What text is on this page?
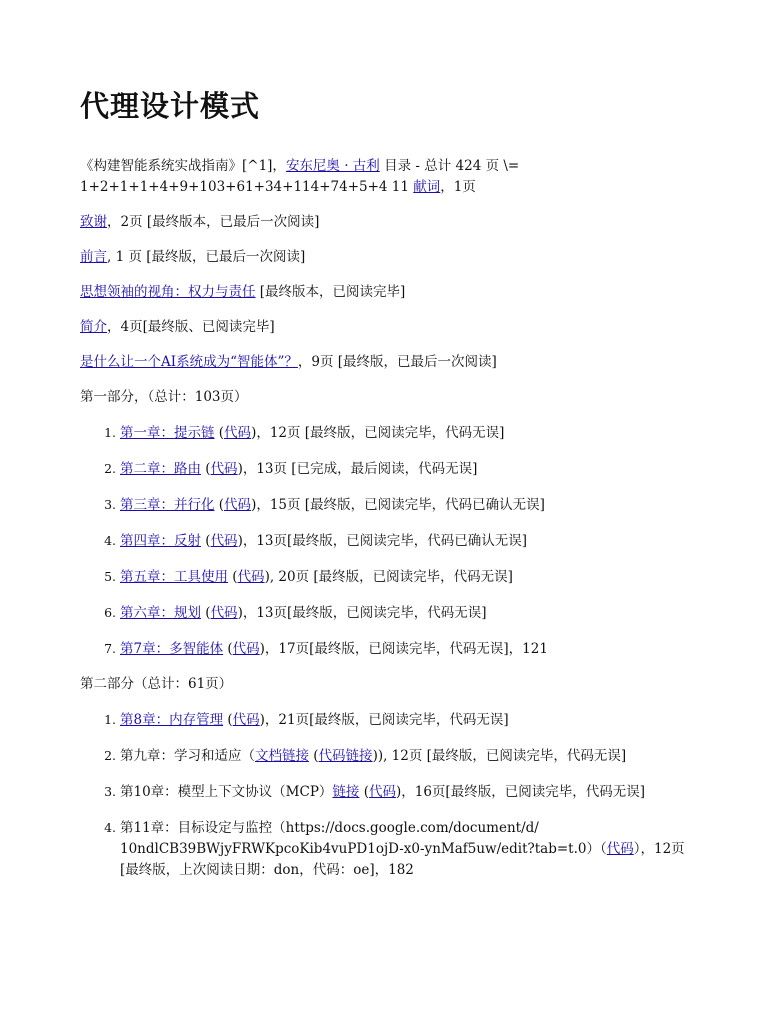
代理设计模式

《构建智能系统实战指南》[^1]，安东尼奥 · 古利 目录 - 总计 424 页 \= 1+2+1+1+4+9+103+61+34+114+74+5+4 11 献词，1页

致谢，2页 [最终版本，已最后一次阅读]

前言, 1 页 [最终版，已最后一次阅读]

思想领袖的视角：权力与责任 [最终版本，已阅读完毕]

简介，4页[最终版、已阅读完毕]

是什么让一个AI系统成为“智能体”？，9页 [最终版，已最后一次阅读]

第一部分，（总计：103页）

1. 第一章：提示链 (代码)，12页 [最终版，已阅读完毕，代码无误]
2. 第二章：路由 (代码)，13页 [已完成，最后阅读，代码无误]
3. 第三章：并行化 (代码)，15页 [最终版，已阅读完毕，代码已确认无误]
4. 第四章：反射 (代码)，13页[最终版，已阅读完毕，代码已确认无误]
5. 第五章：工具使用 (代码), 20页 [最终版，已阅读完毕，代码无误]
6. 第六章：规划 (代码)，13页[最终版，已阅读完毕，代码无误]
7. 第7章：多智能体 (代码)，17页[最终版，已阅读完毕，代码无误]，121

第二部分（总计：61页）

1. 第8章：内存管理 (代码)，21页[最终版，已阅读完毕，代码无误]
2. 第九章：学习和适应（文档链接 (代码链接)), 12页 [最终版，已阅读完毕，代码无误]
3. 第10章：模型上下文协议（MCP）链接 (代码)，16页[最终版，已阅读完毕，代码无误]
4. 第11章：目标设定与监控（https://docs.google.com/document/d/ 10ndlCB39BWjyFRWKpcoKib4vuPD1ojD-x0-ynMaf5uw/edit?tab=t.0）（代码），12页 [最终版，上次阅读日期：don，代码：oe]，182
